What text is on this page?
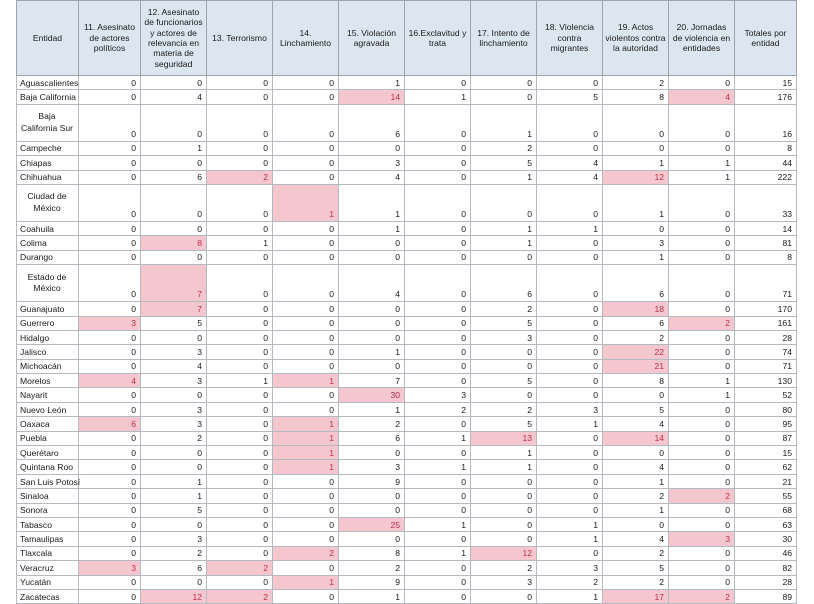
Entidad	11. Asesinato de actores políticos	12. Asesinato de funcionarios y actores de relevancia en materia de seguridad	13. Terrorismo	14. Linchamiento	15. Violación agravada	16.Exclavitud y trata	17. Intento de linchamiento	18. Violencia contra migrantes	19. Actos violentos contra la autoridad	20. Jornadas de violencia en entidades	Totales por entidad
Aguascalientes	0	0	0	0	1	0	0	0	2	0	15
Baja California	0	4	0	0	14	1	0	5	8	4	176
Baja California Sur	0	0	0	0	6	0	1	0	0	0	16
Campeche	0	1	0	0	0	0	2	0	0	0	8
Chiapas	0	0	0	0	3	0	5	4	1	1	44
Chihuahua	0	6	2	0	4	0	1	4	12	1	222
Ciudad de México	0	0	0	1	1	0	0	0	1	0	33
Coahuila	0	0	0	0	1	0	1	1	0	0	14
Colima	0	8	1	0	0	0	1	0	3	0	81
Durango	0	0	0	0	0	0	0	0	1	0	8
Estado de México	0	7	0	0	4	0	6	0	6	0	71
Guanajuato	0	7	0	0	0	0	2	0	18	0	170
Guerrero	3	5	0	0	0	0	5	0	6	2	161
Hidalgo	0	0	0	0	0	0	3	0	2	0	28
Jalisco	0	3	0	0	1	0	0	0	22	0	74
Michoacán	0	4	0	0	0	0	0	0	21	0	71
Morelos	4	3	1	1	7	0	5	0	8	1	130
Nayarit	0	0	0	0	30	3	0	0	0	1	52
Nuevo León	0	3	0	0	1	2	2	3	5	0	80
Oaxaca	6	3	0	1	2	0	5	1	4	0	95
Puebla	0	2	0	1	6	1	13	0	14	0	87
Querétaro	0	0	0	1	0	0	1	0	0	0	15
Quintana Roo	0	0	0	1	3	1	1	0	4	0	62
San Luis Potosí	0	1	0	0	9	0	0	0	1	0	21
Sinaloa	0	1	0	0	0	0	0	0	2	2	55
Sonora	0	5	0	0	0	0	0	0	1	0	68
Tabasco	0	0	0	0	25	1	0	1	0	0	63
Tamaulipas	0	3	0	0	0	0	0	1	4	3	30
Tlaxcala	0	2	0	2	8	1	12	0	2	0	46
Veracruz	3	6	2	0	2	0	2	3	5	0	82
Yucatán	0	0	0	1	9	0	3	2	2	0	28
Zacatecas	0	12	2	0	1	0	0	1	17	2	89
